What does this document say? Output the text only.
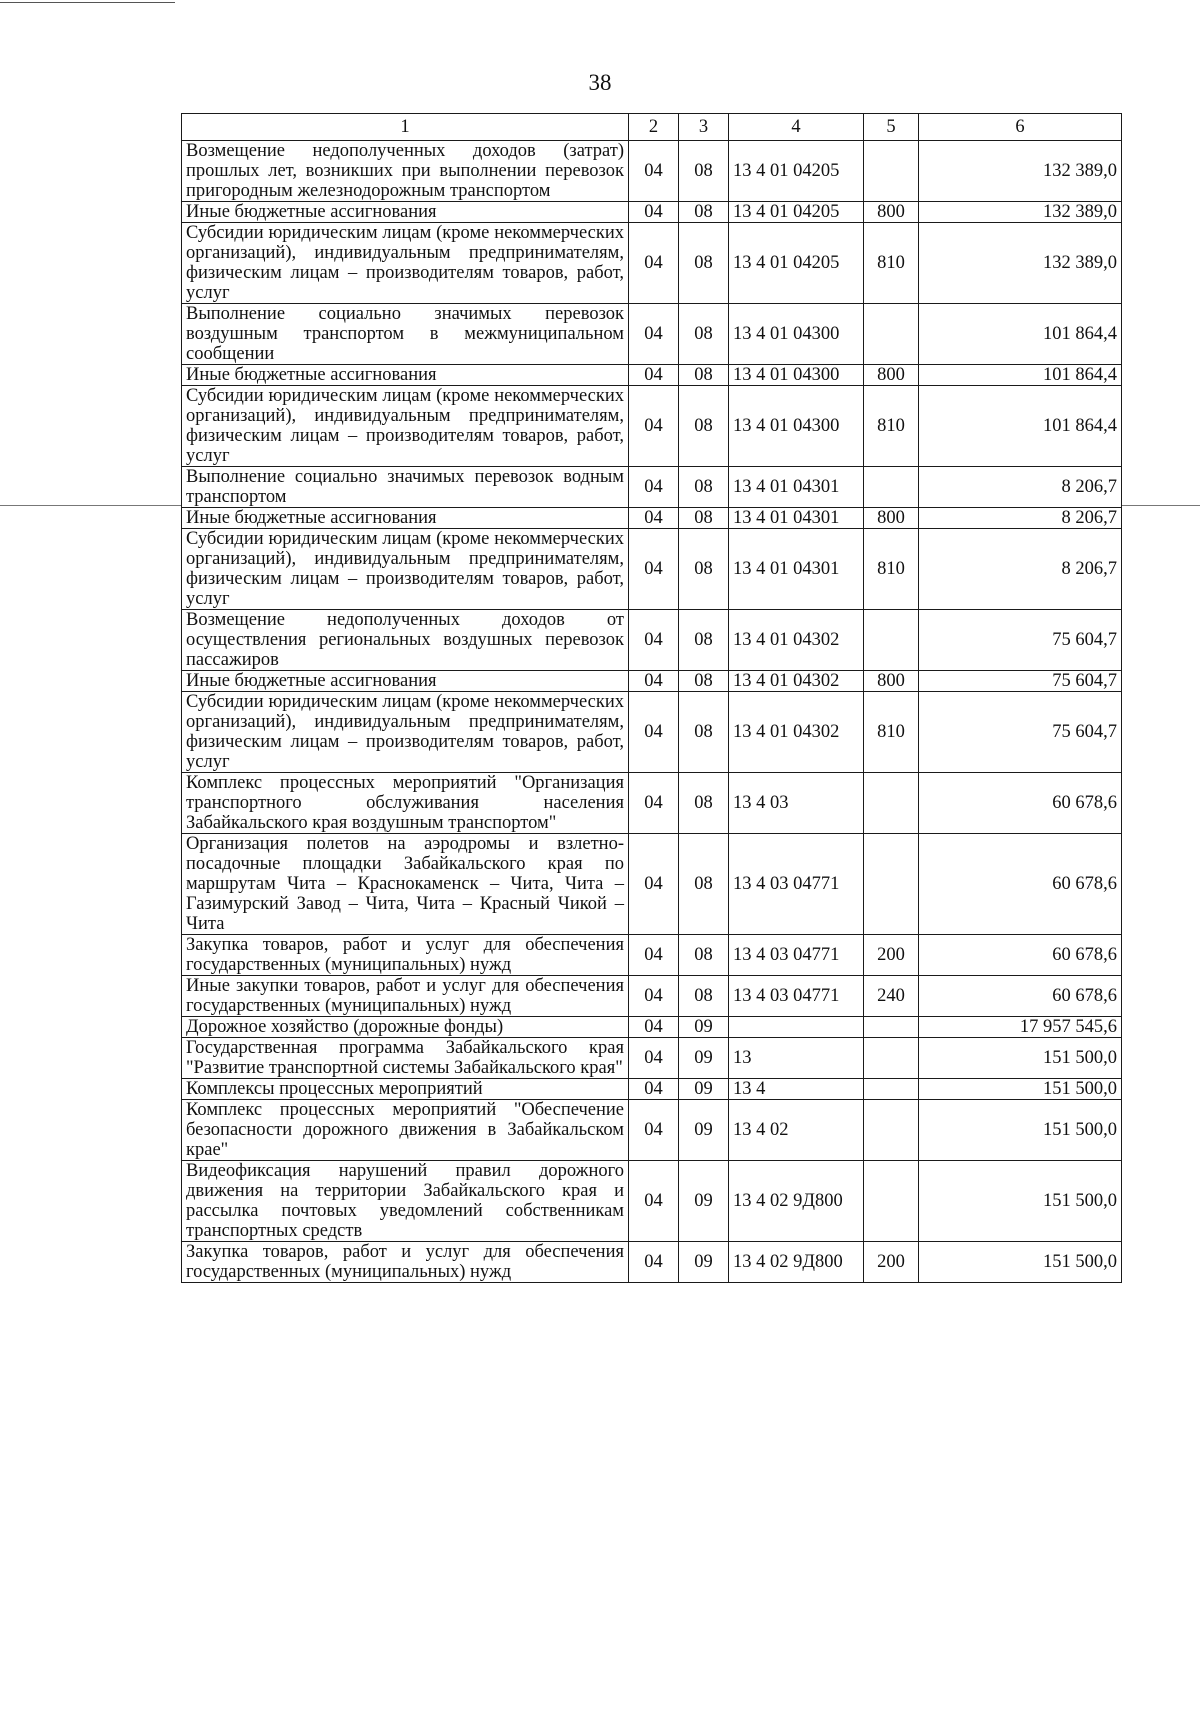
38
1	2	3	4	5	6
Возмещение недополученных доходов (затрат) прошлых лет, возникших при выполнении перевозок пригородным железнодорожным транспортом	04	08	13 4 01 04205		132 389,0
Иные бюджетные ассигнования	04	08	13 4 01 04205	800	132 389,0
Субсидии юридическим лицам (кроме некоммерческих организаций), индивидуальным предпринимателям, физическим лицам – производителям товаров, работ, услуг	04	08	13 4 01 04205	810	132 389,0
Выполнение социально значимых перевозок воздушным транспортом в межмуниципальном сообщении	04	08	13 4 01 04300		101 864,4
Иные бюджетные ассигнования	04	08	13 4 01 04300	800	101 864,4
Субсидии юридическим лицам (кроме некоммерческих организаций), индивидуальным предпринимателям, физическим лицам – производителям товаров, работ, услуг	04	08	13 4 01 04300	810	101 864,4
Выполнение социально значимых перевозок водным транспортом	04	08	13 4 01 04301		8 206,7
Иные бюджетные ассигнования	04	08	13 4 01 04301	800	8 206,7
Субсидии юридическим лицам (кроме некоммерческих организаций), индивидуальным предпринимателям, физическим лицам – производителям товаров, работ, услуг	04	08	13 4 01 04301	810	8 206,7
Возмещение недополученных доходов от осуществления региональных воздушных перевозок пассажиров	04	08	13 4 01 04302		75 604,7
Иные бюджетные ассигнования	04	08	13 4 01 04302	800	75 604,7
Субсидии юридическим лицам (кроме некоммерческих организаций), индивидуальным предпринимателям, физическим лицам – производителям товаров, работ, услуг	04	08	13 4 01 04302	810	75 604,7
Комплекс процессных мероприятий "Организация транспортного обслуживания населения Забайкальского края воздушным транспортом"	04	08	13 4 03		60 678,6
Организация полетов на аэродромы и взлетно-посадочные площадки Забайкальского края по маршрутам Чита – Краснокаменск – Чита, Чита – Газимурский Завод – Чита, Чита – Красный Чикой – Чита	04	08	13 4 03 04771		60 678,6
Закупка товаров, работ и услуг для обеспечения государственных (муниципальных) нужд	04	08	13 4 03 04771	200	60 678,6
Иные закупки товаров, работ и услуг для обеспечения государственных (муниципальных) нужд	04	08	13 4 03 04771	240	60 678,6
Дорожное хозяйство (дорожные фонды)	04	09			17 957 545,6
Государственная программа Забайкальского края "Развитие транспортной системы Забайкальского края"	04	09	13		151 500,0
Комплексы процессных мероприятий	04	09	13 4		151 500,0
Комплекс процессных мероприятий "Обеспечение безопасности дорожного движения в Забайкальском крае"	04	09	13 4 02		151 500,0
Видеофиксация нарушений правил дорожного движения на территории Забайкальского края и рассылка почтовых уведомлений собственникам транспортных средств	04	09	13 4 02 9Д800		151 500,0
Закупка товаров, работ и услуг для обеспечения государственных (муниципальных) нужд	04	09	13 4 02 9Д800	200	151 500,0
